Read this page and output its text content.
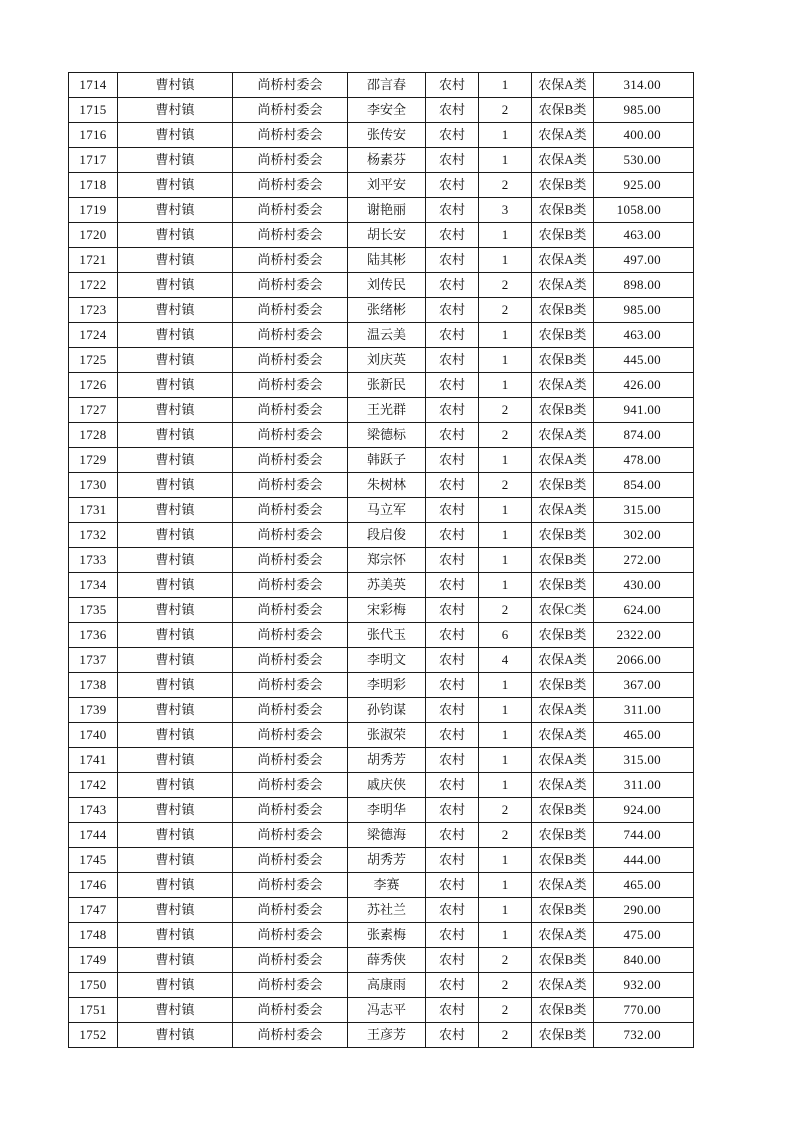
1714	曹村镇	尚桥村委会	邵言春	农村	1	农保A类	314.00
1715	曹村镇	尚桥村委会	李安全	农村	2	农保B类	985.00
1716	曹村镇	尚桥村委会	张传安	农村	1	农保A类	400.00
1717	曹村镇	尚桥村委会	杨素芬	农村	1	农保A类	530.00
1718	曹村镇	尚桥村委会	刘平安	农村	2	农保B类	925.00
1719	曹村镇	尚桥村委会	谢艳丽	农村	3	农保B类	1058.00
1720	曹村镇	尚桥村委会	胡长安	农村	1	农保B类	463.00
1721	曹村镇	尚桥村委会	陆其彬	农村	1	农保A类	497.00
1722	曹村镇	尚桥村委会	刘传民	农村	2	农保A类	898.00
1723	曹村镇	尚桥村委会	张绪彬	农村	2	农保B类	985.00
1724	曹村镇	尚桥村委会	温云美	农村	1	农保B类	463.00
1725	曹村镇	尚桥村委会	刘庆英	农村	1	农保B类	445.00
1726	曹村镇	尚桥村委会	张新民	农村	1	农保A类	426.00
1727	曹村镇	尚桥村委会	王光群	农村	2	农保B类	941.00
1728	曹村镇	尚桥村委会	梁德标	农村	2	农保A类	874.00
1729	曹村镇	尚桥村委会	韩跃子	农村	1	农保A类	478.00
1730	曹村镇	尚桥村委会	朱树林	农村	2	农保B类	854.00
1731	曹村镇	尚桥村委会	马立军	农村	1	农保A类	315.00
1732	曹村镇	尚桥村委会	段启俊	农村	1	农保B类	302.00
1733	曹村镇	尚桥村委会	郑宗怀	农村	1	农保B类	272.00
1734	曹村镇	尚桥村委会	苏美英	农村	1	农保B类	430.00
1735	曹村镇	尚桥村委会	宋彩梅	农村	2	农保C类	624.00
1736	曹村镇	尚桥村委会	张代玉	农村	6	农保B类	2322.00
1737	曹村镇	尚桥村委会	李明文	农村	4	农保A类	2066.00
1738	曹村镇	尚桥村委会	李明彩	农村	1	农保B类	367.00
1739	曹村镇	尚桥村委会	孙钧谋	农村	1	农保A类	311.00
1740	曹村镇	尚桥村委会	张淑荣	农村	1	农保A类	465.00
1741	曹村镇	尚桥村委会	胡秀芳	农村	1	农保A类	315.00
1742	曹村镇	尚桥村委会	戚庆侠	农村	1	农保A类	311.00
1743	曹村镇	尚桥村委会	李明华	农村	2	农保B类	924.00
1744	曹村镇	尚桥村委会	梁德海	农村	2	农保B类	744.00
1745	曹村镇	尚桥村委会	胡秀芳	农村	1	农保B类	444.00
1746	曹村镇	尚桥村委会	李赛	农村	1	农保A类	465.00
1747	曹村镇	尚桥村委会	苏社兰	农村	1	农保B类	290.00
1748	曹村镇	尚桥村委会	张素梅	农村	1	农保A类	475.00
1749	曹村镇	尚桥村委会	薛秀侠	农村	2	农保B类	840.00
1750	曹村镇	尚桥村委会	高康雨	农村	2	农保A类	932.00
1751	曹村镇	尚桥村委会	冯志平	农村	2	农保B类	770.00
1752	曹村镇	尚桥村委会	王彦芳	农村	2	农保B类	732.00
